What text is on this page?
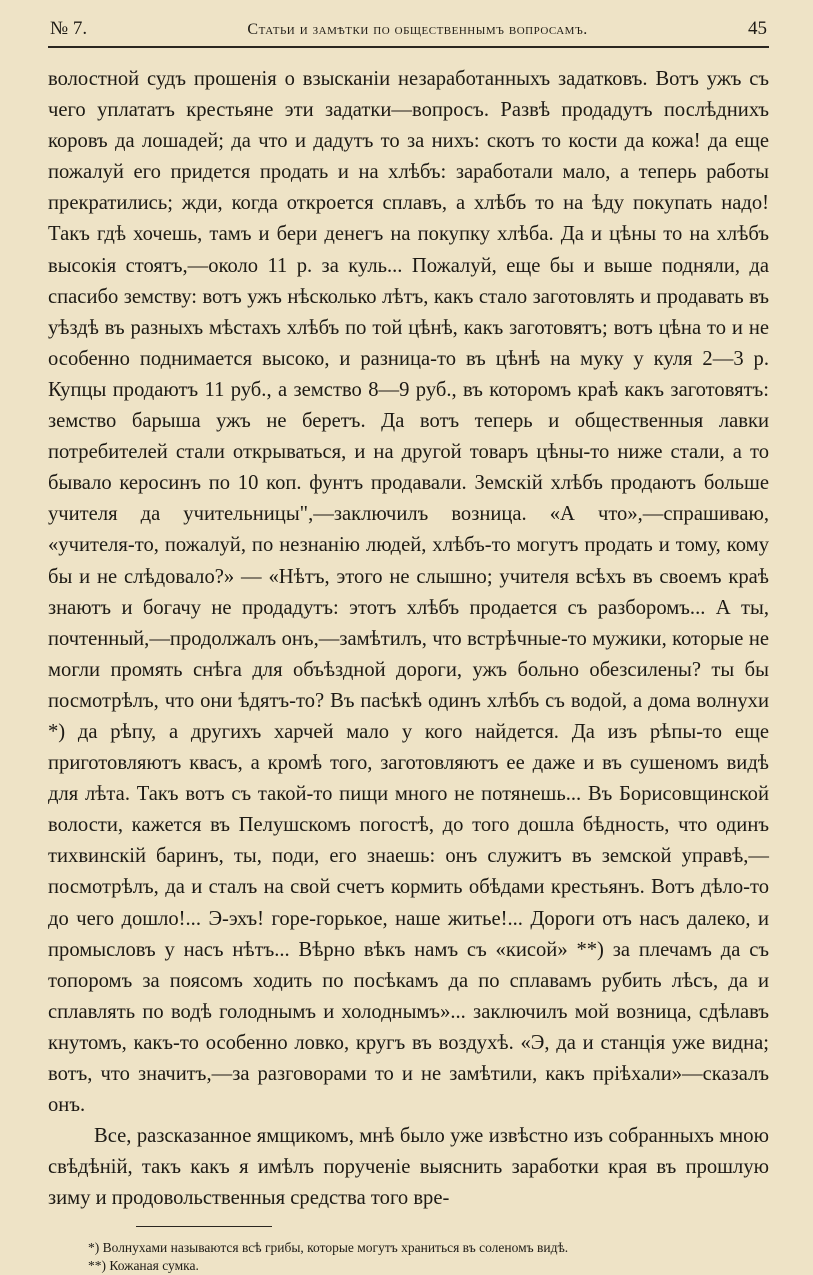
№ 7.	Статьи и замѣтки по общественнымъ вопросамъ.	45

волостной судъ прошенія о взысканіи незаработанныхъ задатковъ. Вотъ ужъ съ чего уплататъ крестьяне эти задатки—вопросъ. Развѣ продадутъ послѣднихъ коровъ да лошадей; да что и дадутъ то за нихъ: скотъ то кости да кожа! да еще пожалуй его придется продать и на хлѣбъ: заработали мало, а теперь работы прекратились; жди, когда откроется сплавъ, а хлѣбъ то на ѣду покупать надо! Такъ гдѣ хочешь, тамъ и бери денегъ на покупку хлѣба. Да и цѣны то на хлѣбъ высокія стоятъ,—около 11 р. за куль... Пожалуй, еще бы и выше подняли, да спасибо земству: вотъ ужъ нѣсколько лѣтъ, какъ стало заготовлять и продавать въ уѣздѣ въ разныхъ мѣстахъ хлѣбъ по той цѣнѣ, какъ заготовятъ; вотъ цѣна то и не особенно поднимается высоко, и разница-то въ цѣнѣ на муку у куля 2—3 р. Купцы продаютъ 11 руб., а земство 8—9 руб., въ которомъ краѣ какъ заготовятъ: земство барыша ужъ не беретъ. Да вотъ теперь и общественныя лавки потребителей стали открываться, и на другой товаръ цѣны-то ниже стали, а то бывало керосинъ по 10 коп. фунтъ продавали. Земскій хлѣбъ продаютъ больше учителя да учительницы",—заключилъ возница. «А что»,—спрашиваю, «учителя-то, пожалуй, по незнанію людей, хлѣбъ-то могутъ продать и тому, кому бы и не слѣдовало?» — «Нѣтъ, этого не слышно; учителя всѣхъ въ своемъ краѣ знаютъ и богачу не продадутъ: этотъ хлѣбъ продается съ разборомъ... А ты, почтенный,—продолжалъ онъ,—замѣтилъ, что встрѣчные-то мужики, которые не могли промять снѣга для объѣздной дороги, ужъ больно обезсилены? ты бы посмотрѣлъ, что они ѣдятъ-то? Въ пасѣкѣ одинъ хлѣбъ съ водой, а дома волнухи *) да рѣпу, а другихъ харчей мало у кого найдется. Да изъ рѣпы-то еще приготовляютъ квасъ, а кромѣ того, заготовляютъ ее даже и въ сушеномъ видѣ для лѣта. Такъ вотъ съ такой-то пищи много не потянешь... Въ Борисовщинской волости, кажется въ Пелушскомъ погостѣ, до того дошла бѣдность, что одинъ тихвинскій баринъ, ты, поди, его знаешь: онъ служитъ въ земской управѣ,—посмотрѣлъ, да и сталъ на свой счетъ кормить обѣдами крестьянъ. Вотъ дѣло-то до чего дошло!... Э-эхъ! горе-горькое, наше житье!... Дороги отъ насъ далеко, и промысловъ у насъ нѣтъ... Вѣрно вѣкъ намъ съ «кисой» **) за плечамъ да съ топоромъ за поясомъ ходить по посѣкамъ да по сплавамъ рубить лѣсъ, да и сплавлять по водѣ голоднымъ и холоднымъ»... заключилъ мой возница, сдѣлавъ кнутомъ, какъ-то особенно ловко, кругъ въ воздухѣ. «Э, да и станція уже видна; вотъ, что значитъ,—за разговорами то и не замѣтили, какъ пріѣхали»—сказалъ онъ.

Все, разсказанное ямщикомъ, мнѣ было уже извѣстно изъ собранныхъ мною свѣдѣній, такъ какъ я имѣлъ порученіе выяснить заработки края въ прошлую зиму и продовольственныя средства того вре-

*) Волнухами называются всѣ грибы, которые могутъ храниться въ соленомъ видѣ.
**) Кожаная сумка.
